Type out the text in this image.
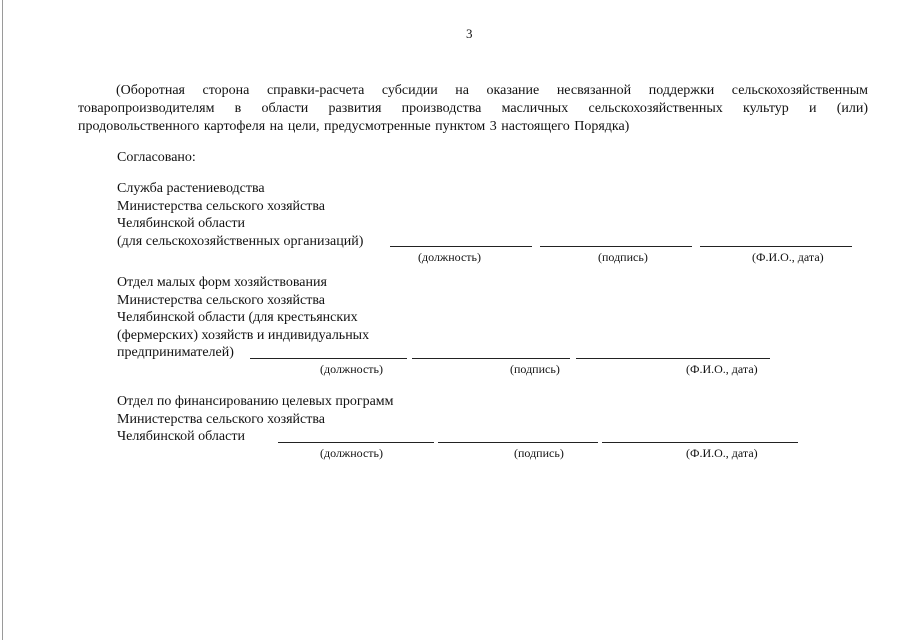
3
(Оборотная сторона справки-расчета субсидии на оказание несвязанной поддержки сельскохозяйственным
товаропроизводителям в области развития производства масличных сельскохозяйственных культур и (или)
продовольственного картофеля на цели, предусмотренные пунктом 3 настоящего Порядка)
Согласовано:
Служба растениеводства
Министерства сельского хозяйства
Челябинской области
(для сельскохозяйственных организаций)
(должность)	(подпись)	(Ф.И.О., дата)
Отдел малых форм хозяйствования
Министерства сельского хозяйства
Челябинской области (для крестьянских
(фермерских) хозяйств и индивидуальных
предпринимателей)
(должность)	(подпись)	(Ф.И.О., дата)
Отдел по финансированию целевых программ
Министерства сельского хозяйства
Челябинской области
(должность)	(подпись)	(Ф.И.О., дата)
